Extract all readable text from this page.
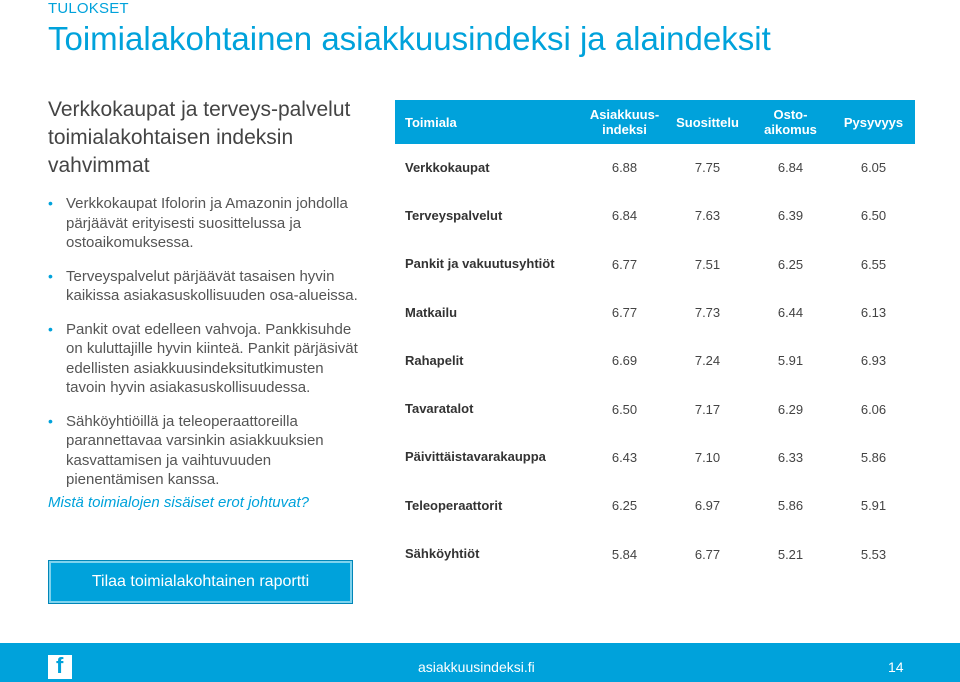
TULOKSET
Toimialakohtainen asiakkuusindeksi ja alaindeksit
Verkkokaupat ja terveys-palvelut toimialakohtaisen indeksin vahvimmat
• Verkkokaupat Ifolorin ja Amazonin johdolla pärjäävät erityisesti suosittelussa ja ostoaikomuksessa.
• Terveyspalvelut pärjäävät tasaisen hyvin kaikissa asiakasuskollisuuden osa-alueissa.
• Pankit ovat edelleen vahvoja. Pankkisuhde on kuluttajille hyvin kiinteä. Pankit pärjäsivät edellisten asiakkuusindeksitutkimusten tavoin hyvin asiakasuskollisuudessa.
• Sähköyhtiöillä ja teleoperaattoreilla parannettavaa varsinkin asiakkuuksien kasvattamisen ja vaihtuvuuden pienentämisen kanssa.
Mistä toimialojen sisäiset erot johtuvat?
Tilaa toimialakohtainen raportti
Toimiala	Asiakkuus-indeksi	Suosittelu	Osto-aikomus	Pysyvyys
Verkkokaupat	6.88	7.75	6.84	6.05
Terveyspalvelut	6.84	7.63	6.39	6.50
Pankit ja vakuutusyhtiöt	6.77	7.51	6.25	6.55
Matkailu	6.77	7.73	6.44	6.13
Rahapelit	6.69	7.24	5.91	6.93
Tavaratalot	6.50	7.17	6.29	6.06
Päivittäistavarakauppa	6.43	7.10	6.33	5.86
Teleoperaattorit	6.25	6.97	5.86	5.91
Sähköyhtiöt	5.84	6.77	5.21	5.53
f	asiakkuusindeksi.fi	14
